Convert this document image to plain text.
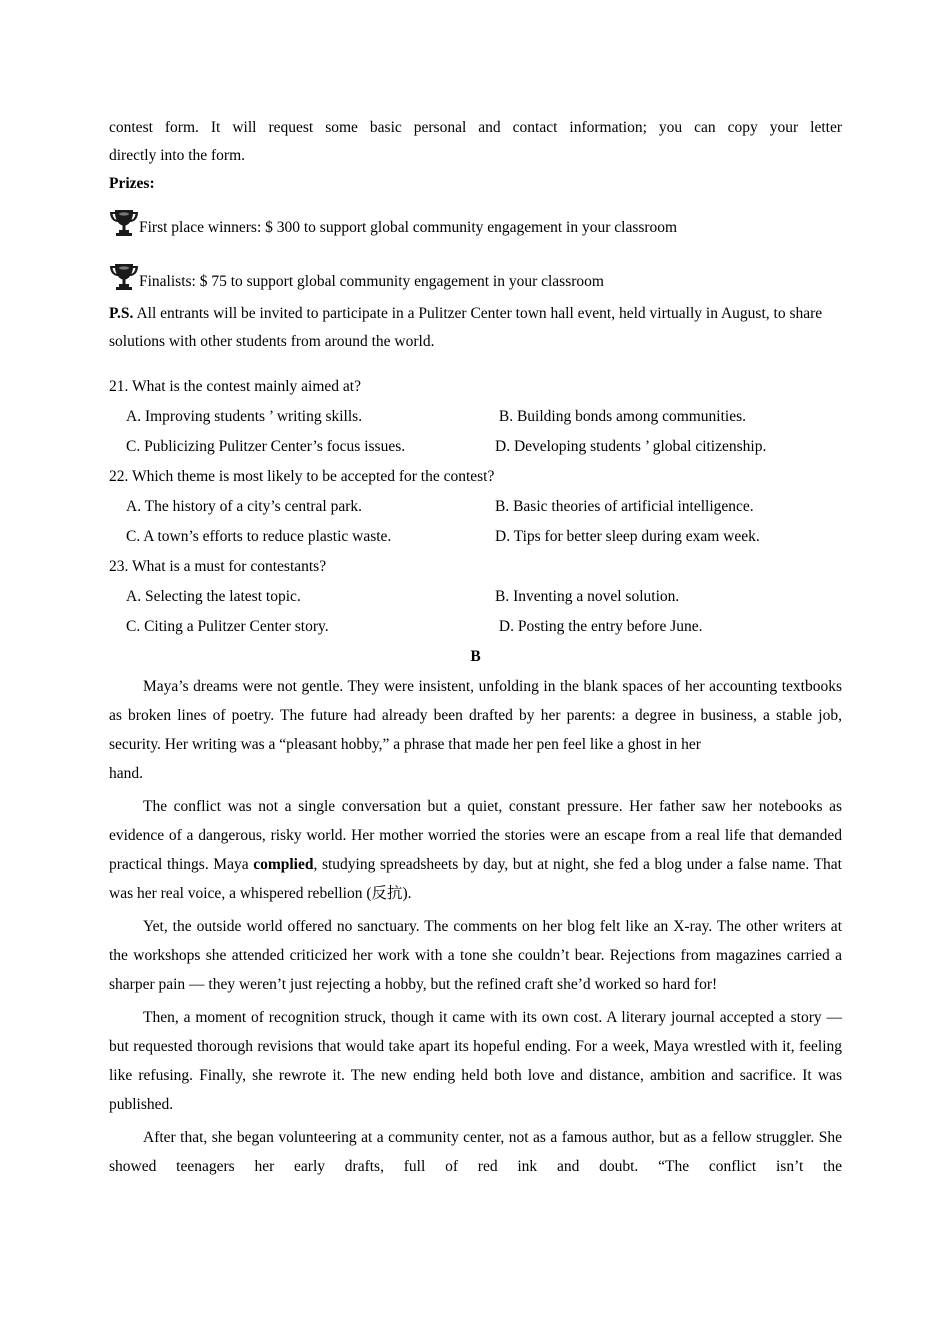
contest form. It will request some basic personal and contact information; you can copy your letter

directly into the form.

Prizes:

First place winners: $ 300 to support global community engagement in your classroom
Finalists: $ 75 to support global community engagement in your classroom

P.S. All entrants will be invited to participate in a Pulitzer Center town hall event, held virtually in August, to share solutions with other students from around the world.

21. What is the contest mainly aimed at?

A. Improving students ’ writing skills.	B. Building bonds among communities.
C. Publicizing Pulitzer Center’s focus issues.	D. Developing students ’ global citizenship.

22. Which theme is most likely to be accepted for the contest?

A. The history of a city’s central park.	B. Basic theories of artificial intelligence.
C. A town’s efforts to reduce plastic waste.	D. Tips for better sleep during exam week.

23. What is a must for contestants?

A. Selecting the latest topic.	B. Inventing a novel solution.
C. Citing a Pulitzer Center story.	D. Posting the entry before June.

B

Maya’s dreams were not gentle. They were insistent, unfolding in the blank spaces of her accounting textbooks as broken lines of poetry. The future had already been drafted by her parents: a degree in business, a stable job, security. Her writing was a “pleasant hobby,” a phrase that made her pen feel like a ghost in her

hand.

The conflict was not a single conversation but a quiet, constant pressure. Her father saw her notebooks as evidence of a dangerous, risky world. Her mother worried the stories were an escape from a real life that demanded practical things. Maya complied, studying spreadsheets by day, but at night, she fed a blog under a false name. That was her real voice, a whispered rebellion (反抗).

Yet, the outside world offered no sanctuary. The comments on her blog felt like an X-ray. The other writers at the workshops she attended criticized her work with a tone she couldn’t bear. Rejections from magazines carried a sharper pain — they weren’t just rejecting a hobby, but the refined craft she’d worked so hard for!

Then, a moment of recognition struck, though it came with its own cost. A literary journal accepted a story — but requested thorough revisions that would take apart its hopeful ending. For a week, Maya wrestled with it, feeling like refusing. Finally, she rewrote it. The new ending held both love and distance, ambition and sacrifice. It was published.

After that, she began volunteering at a community center, not as a famous author, but as a fellow struggler. She showed teenagers her early drafts, full of red ink and doubt. “The conflict isn’t the
